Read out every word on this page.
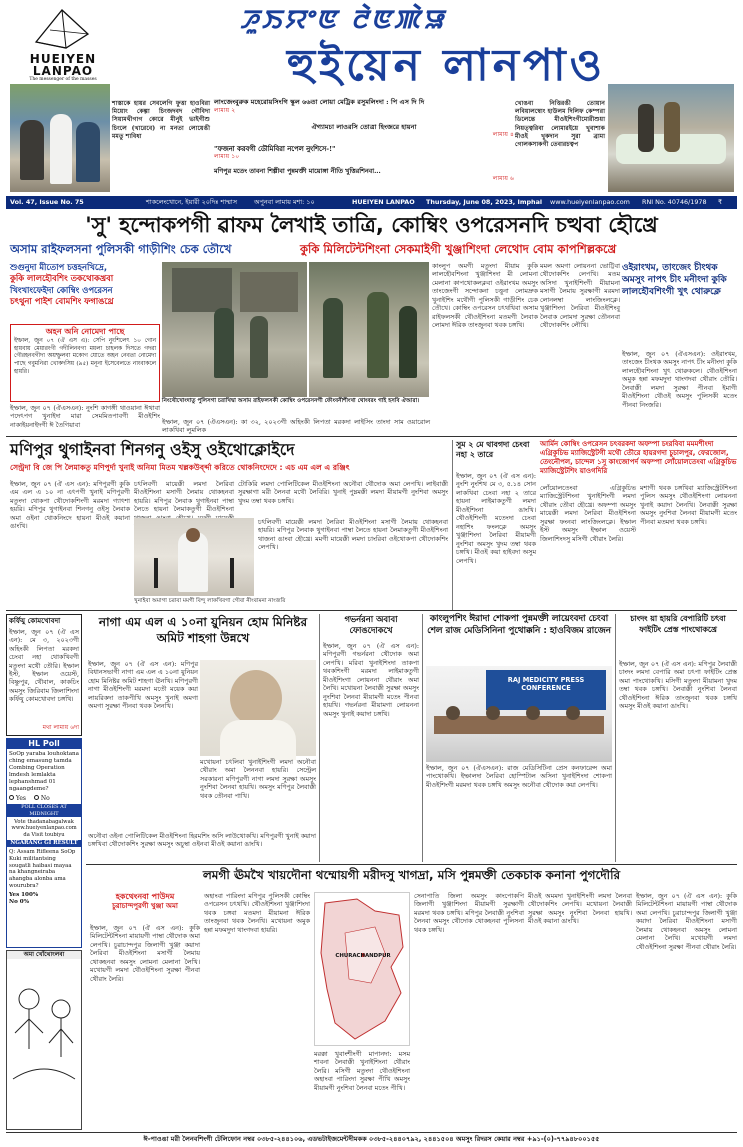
HUEIYEN
LANPAO
The messenger of the masses
ꯍꯨꯏꯌꯦꯟ ꯂꯥꯟꯄꯥꯎ
হুইয়েন লানপাও
শাস্তাকে হায়র সেবলেগি ফুত্তা হাওবিরা মিয়োং কেল্গা চিংজদবদ গৌবিদা সিয়ামথীগাগ কোরে মীনুই ভাইগীশু চিংলে (খারেবে) না মনতা লোয়েঙী মমতু শাবিধা
লাংজেংবুরুক মহেরোয়সিংগি স্কুল ৬৬তা লোয়া মেট্রিক রসুমলিংদা : পি এস দি দি
লামায় ২
ঐগ্যামচা লাওরসি তোত্রা হিংজরে হায়না
লামায় ৪
"ফজনা করবগী ডৌমিবিরা নপেল নুংশিসে-!"
লামায় ১০
মণিপুর মতেং তাবনা শিল্পীবা পুন্নমক্তী মায়োঙ্গা নীতি খুত্তিরশিনবা...
লামায় ৬
খোঙবা নিত্তিরঙী তোয়ান লবিয়ালম্বোং হাউলম দিলিফ কেম্পরা ডিলেন্তে মীওইশিংগীমোরীশুয়া নিয়ত্ত্বরিবা লোমারইয়ে খুবাশাক মীওই খুকদান সুরা ব্রামা গোলকসাকগী তেবারচত্বপ
Vol. 47, Issue No. 75	শাকলেংখোনে, ইয়ারী ২০দিঃ শাম্মাস	অপুনবা লামায় মশা: ১০	HUEIYEN LANPAO Thursday, June 08, 2023, Imphal www.hueiyenlanpao.com RNI No. 40746/1978 ₹ ৫.০০
'সু' হন্দোকপগী ৱাফম লৈখাই তাত্রি, কোম্বিং ওপরেসনদি চত্থবা হৌখ্রে
অসাম রাইফলসনা পুলিসকী গাড়ীশিং চেক তৌখে	কুকি মিলিটেন্টশিংনা সেকমাইগী খুঞ্জাশিংদা লেথোদ বোম কাপশিল্লকখ্রে
শুগুনুদা মীতোপ চত্তহনখিদ্রে,
কুকি লালহৌবশিং তকথোকখ্রবা
খিংখাংফেইদা কোম্বিং ওপরেসন
চৎথুনা পাইশ বোমশিং ফগাঙথ্রে
অহন অনি নোমেদা পাছে
ইম্ফাল, জুন ০৭ (ঐ এস এ): সেপি নুংশিলেৎ ১০ গোন হায়বায় মেয়ারংগী গদীলিনবগা ময়লা চাহলক দিসতে গদরা গৌরহনবগীদা অয়ম্ফুলবা মকোগ যোতে অহন নেবতা নোমেদা পাছে গবুমনিরা খোকদসিয় (৯৫) মনূনা ইসেবেলতে নাংবাকলে হায়রি।
নিংথৌখোংদাতু পুলিসগা চরাখিদ্বা অসাম রাইফলসকী কোম্বিং ওপরেসনগী ফৌংবনীশীংখা থোংবরং গাই হসবি ঐআরা।
ইম্ফাল, জুন ০৭ (ঐএসএন): নুংশি কাগঙ্গী থাওয়ানা ঈথাবা পদেৎপগ খুনাইদা মারা সেমমিতপাবগী মীওইশিং নাকাইয়নাইদগী ঈ তৈগিয়াবা	ইম্ফাল, জুন ০৭ (ঐএসএন): কা ৩২, ২০২৩গী অহিংকী লিপতা মরকদা লাইসিং তাংদা সাম ওয়ারোল লাকখিবা লুমলিক
কাংলুপ অমগী মতুংদা মীয়াম কুকি লালহৌবশিংনা খুঞ্জাশিংদা মী লোমনা মেলানা কাপথোকলক্লবা ওইরাংখম অমসুং তাংজেংগী সন্দোকনা চত্তুনা লোমদ্রুক খুনাইশিং মথৌগী পুলিসকী গাড়ীশিং চেক তৌখে। কোম্বিং ওপরেসন চৎথখিবা অসাম রাইফলসকী থৌওইশিংনা মতমগী লৈবাক লোমদা ঈরিক তাংজুনবা থবক চঙ্গখি।
মমল অমগা লোয়ননা ভোট্টিবা থৌদোকশিং লেপখি। মতম অসিদা খুনাইশিংগী মীয়ামনা মসাগী লৈমায় সুরক্ষাগী মরমদা লোনলম্বা লাংজিংলক্লে। খুঞ্জাশিংদা লৈরিবা মীওইশিংবু লৈবাক লোমদা সুরক্ষা তৌননবা থৌদোকশিং লৌখি।
ওইরাংখম, তাংজেং চীংথক অমসুং নাপৎ চীং মনীংদা কুকি লালহৌবশিংগী খুৎ থোরুক্লে
ইম্ফাল, জুন ০৭ (ঐএসএন): ওইরাংখম, তাংজেং চীংথক অমসুং নাপৎ চীং মনীংদা কুকি লালহৌবশিংনা খুৎ থোরুকলে। থৌওইশিংনা অমুক হন্না মফমদুদা থাংগদবা থৌরাং তৌরি। লৈবাক্কী লমদা সুরক্ষা পীনবা ইমাগী মীওইশিংনা থৌওই অমসুং পুলিসকী মতেং পীনবা নিংজরি।
মণিপুর থুগাইনবা শিনগনু ওইসু ওইথোক্লোইদে
সেন্ট্রদা বি জে পি লৈমাকতু মণিপুর্দা খুনাই অনিমা মিতম খল্লকউর্ব্ব্দা করিতে থোকনিংদেদে : এচ এম এল এ রঞ্জিৎ
ইম্ফাল, জুন ০৭ (ঐ এস এন): মণিপুরগী কুকি এম এল এ ১০ না এৎপগী খুনাই মণিপুরগী মতুংদা থোকপা থৌদোকশিংগী মরমদা গ্যাৎশা হয়রি। মণিপুর থুগাইনবা শিনগনু ওইসু লৈবাক অমা ওইনা থোকনিংদে হায়না মীওই কয়ানা ঙাংখি।
চৎলিবগী মায়েক্কী লমদা লৈরিবা মীওইশিংনা মসাগী লৈমায় থোকহনবা হায়রি। মণিপুর লৈবাক থুগাইনবা পাম্বা লৈতে হায়না লৈমাকতুগী মীওইশিংনা
টোকিরি লমদা পোলিটিকেল মীওইশিংনা অনৌবা থৌদোক অমা লেপখি। লাইবাক্কী সুরক্ষাগা মরী লৈনবা মথৌ লৈবিরি। খুনাই পুম্নমক্কী লমদা মীয়ামগী নুংশিবা অমসুং খুদম তম্বা থবক চঙ্গখি।
চৎলিবগী মায়েক্কী লমদা লৈরিবা মীওইশিংনা মসাগী লৈমায় থোকহনবা হায়রি। মণিপুর লৈবাক থুগাইনবা পাম্বা লৈতে হায়না লৈমাকতুগী মীওইশিংনা থাজনা ঙাংবা হৌখ্রে। মমগী মায়েক্কী লমদা চাংরিবা ওইথোকপা থৌদোকশিং লেপখি।
খুনাইবা অমাগা চরাবা মমগী বিন্দু লাকখিবগা গৌবা নীংবামনা নাংজরি
সুম ২ মে থাবগদা চেংবা নহা ২ তারে
ইম্ফাল, জুন ০৭ (ঐ এস এন): নুংশি নুংশিথ মে ৩, ৫.১৪ সোন লাকখিবা চেংবা নহা ২ তারে হায়না লাইমাকতুগী লমদা মীওইশিংনা ঙাংখি। থৌওইশিংগী মতেংদা চেংবা নহাশিং ফংলক্লে অমসুং খুঞ্জাশিংদা লৈরিবা মীয়ামগী নুংশিবা অমসুং খুদম তম্বা থবক চঙ্গখি। মীওই কয়া হাইবদা অসুম লেপখি।
আর্মিন কোম্বিং ওপরেসন চৎবরকদা অফম্পা চংরবিবা মমমশীংদা এগ্রিকুচিভ ম্যাজিস্ট্রেটগী মথৌ তৌরে হায়রগদা চুচালপুর, ফেরজোল, তেংনৌপল, চান্দেল ১সু কাংজোপর্দ অফম্পা লোঁয়োলতেংবা এগ্রিকুচিভ ম্যাজিস্ট্রেটশিং য়াওগদিরি
লোঁয়োলতেংবা এগ্রিকুচিভ ম্যাজিস্ট্রেটশিংনা খুনাইশিংগী লমদা থৌরাং তৌবা হৌখ্রে। অফম্পা অমসুং মায়েক্কী লমদা লৈরিবা মীওইশিংনা সুরক্ষা ফংনবা লাংজিংলক্লে। ইম্ফাল ইস্ট অমসুং ইম্ফাল ওয়েস্ট জিলাশিংদসু মসিগী থৌরাং লৈরি।
মশাগী থবক চঙ্গখিবা ম্যাজিস্ট্রেটশিংনা পুলিস অমসুং থৌওইশিংগা লোয়ননা খুনাই কয়াদা লৈনখি। লৈবাক্কী সুরক্ষা অমসুং নুংশিবা লৈনবা মীয়ামগী মতেং পীনবা মতমদা থবক চঙ্গখি।
কর্ফিযু কোমখোবদা
ইম্ফাল, জুন ০৭ (ঐ এস এন): মে ৩, ২০২৩গী অহিংকী লিপতা মরকদা চেংবা নহা থোকখিবগী মতুংদা মথৌ তৌরি। ইম্ফাল ইস্ট, ইম্ফাল ওয়েস্ট, বিষ্ণুপুর, থৌবাল, কাকচিং অমসুং জিরিবাম জিলাশিংদা কর্ফিযু কোমখোবদা চঙ্গখি।
মথা লামায় ৬দা
HL Poll
SoOp yaraba louhoktana ching emasung tamda Combing Operation lmdesh lemlakta lephanshmad 01 ngaangdeme?
Yes No
POLL CLOSES AT MIDNIGHT
Vote thadanabagalwak www.hueiyenlanpao.com da Visit toubiyu
NGARANG GI RESULT
Q: Assam Rifleena SoOp Kuki militantsing sougatli haibasi mayaa na khangneiraba ahangba alonba ama wourubra?
Yes 100%
No 0%
অমা খোঁথোংলবা
নাগা এম এল এ ১০না য়ুনিয়ন হোম মিনিষ্টর অমিট শাহগা উন্নখে
ইম্ফাল, জুন ০৭ (ঐ এস এন): মণিপুর বিধানসভাগী নাগা এম এল এ ১০না য়ুনিয়ন হোম মিনিষ্টর অমিট শাহগা ঊনখি। মণিপুরগী নাগা মীওইশিংগী মরমদা মতৌ ময়েক কয়া লায়রিকদা তাকপীখি অমসুং খুনাই অমগা অমগা সুরক্ষা পীনবা থবক লৈনখি।
মখোয়না চৎলিবা খুনাইশিংগী লমদা অনৌবা থৌরাং অমা লৈননবা হায়রি। সেন্ট্রেল সরকারনা মণিপুরগী নাগা লমদা সুরক্ষা অমসুং নুংশিবা লৈনবা হায়খি। অমসুং মণিপুর লৈবাক্কী থবক তৌনবা পাখি।
অনৌবা ওইনা পোলিটিকেল মীওইশিংনা হিরমশিং অসি লাউথোকখি। মণিপুরগী খুনাই কয়াদা চঙ্গখিবা থৌদোকশিং সুরক্ষা অমসুং অচুম্বা ওইনবা মীওই কয়ানা ঙাংখি।
গভর্নরনা অবাবা ফোঙদোকখে
ইম্ফাল, জুন ০৭ (ঐ এস এন): মণিপুরগী গভর্নরনা থৌদোক অমা লেপখি। মরিবা খুনাইশিংদা তাকপা থবকশিংগী মরমদা লাইমাকতুগী মীওইশিংগা লোয়ননা থৌরাং অমা লৈখি। মখোয়না লৈবাক্কী সুরক্ষা অমসুং নুংশিবা লৈনবা মীয়ামগী মতেং পীনবা হায়খি। গভর্নরনা মীয়ামগা লোয়ননা অমসুং খুনাই কয়াদা চঙ্গখি।
কাংলুপশিং ঈরাদা শোকপা পুন্নমক্তী লায়েংবদা চেংবা শেল রাজ মেডিসিনিনা পুথোক্কনি : হাওবিজম রাজেন
RAJ MEDICITY PRESS CONFERENCE
ইম্ফাল, জুন ০৭ (ঐএসএন): রাজ মেডিসিটিনা প্রেস কনফারেন্স অমা পাংথোকখি। ইম্ফালদা লৈরিবা হোস্পিটাল অসিনা খুনাইশিংদা শোকপা মীওইশিংগী মরমদা থবক চঙ্গখি অমসুং অনৌবা থৌদোক কয়া লেপখি।
চাংদং য়া হায়রি বেপারিটি চৎবা ফাইটিং প্রেস্ত পাংথোকখ্রে
ইম্ফাল, জুন ০৭ (ঐ এস এন): মণিপুর লৈবাক্কী চাংদং লমদা বেপারি অমা চৎপা ফাইটিং প্রেস্ত অমা পাংথোকখি। মসিগী মতুংদা মীয়ামনা খুদম তম্বা থবক চঙ্গখি। লৈবাক্কী নুংশিবা লৈনবা থৌওইশিংনা ঈরিক তাংজুনবা থবক চঙ্গখি অমসুং মীওই কয়ানা ঙাংখি।
লমগী ঊমখৈ খায়দৌনা থম্মোয়গী মরীদসু খাগদ্রা, মসি পুন্নমক্তী তেকচাক কনানা পুগদৌরি
হকথেংনবা পাউদম
চুরাচান্দপুরগী খুঞ্জা অমা
ইম্ফাল, জুন ০৭ (ঐ এস এন): কুকি মিলিটেন্টশিংনা মায়ায়গী পাম্বা থৌদোক অমা লেপখি। চুরাচান্দপুর জিলাগী খুঞ্জা কয়াদা লৈরিবা মীওইশিংনা মসাগী লৈমায় থোকহনবা অমসুং লোমনা মেলানা লৈখি। মখোয়গী লমদা থৌওইশিংনা সুরক্ষা পীনবা থৌরাং লৈরি।
অহাংবা পারিংদা মণিপুর পুলিসকী কোম্বিং ওপরেসন চৎথখি। থৌওইশিংনা খুঞ্জাশিংদা থবক চঙ্গবা মতমদা মীয়ামনা ঈরিক তাংজুনবা থবক লৈনখি। মখোয়না অমুক হন্না মফমদুদা থাংগদবা হায়রি।
CHURACHANDPUR
মরক্কা খুবাংশীংগী মাপানদা: মসম শাবনা লৈবাক্কী খুনাইশিংনা থৌরাং লৈরি। মসিগী মতুংদা থৌওইশিংনা অহাংবা পারিংদা সুরক্ষা পীখি অমসুং মীয়ামগী নুংশিবা লৈনবা মতেং পীখি।
সেনাপাতি জিলা অমসুং কাংপোকপি জিলাগী খুঞ্জাশিংদা মীয়ামগী সুরক্ষাগী মরমদা থবক চঙ্গখি। মণিপুর লৈবাক্কী নুংশিবা লৈনবা অমসুং থৌদোক থোকহনবা পুলিসনা থবক চঙ্গখি।
মীওই অমমদা খুনাইশিংগী লমদা লৈনবা থৌদোকশিং লেপখি। মখোয়না লৈবাক্কী সুরক্ষা অমসুং নুংশিবা লৈনবা হায়খি। মীওই কয়ানা ঙাংখি।
ইম্ফাল, জুন ০৭ (ঐ এস এন): কুকি মিলিটেন্টশিংনা মায়ায়গী পাম্বা থৌদোক অমা লেপখি। চুরাচান্দপুর জিলাগী খুঞ্জা কয়াদা লৈরিবা মীওইশিংনা মসাগী লৈমায় থোকহনবা অমসুং লোমনা মেলানা লৈখি। মখোয়গী লমদা থৌওইশিংনা সুরক্ষা পীনবা থৌরাং লৈরি।
ঈ-পাওঙা মরী লৈনবশিংগী টেলিফোন নম্বর ০৩৮৫-২৪৪১০৬, এডভটাইজমেন্টদীমকক ০৩৮৫-২৪৪০৭৯২, ২৪৪১৫০৪ অমসুং রিদরস কেয়ার নম্বর +৯১-(০)-৭৭৯৪৮০০১৫৫
